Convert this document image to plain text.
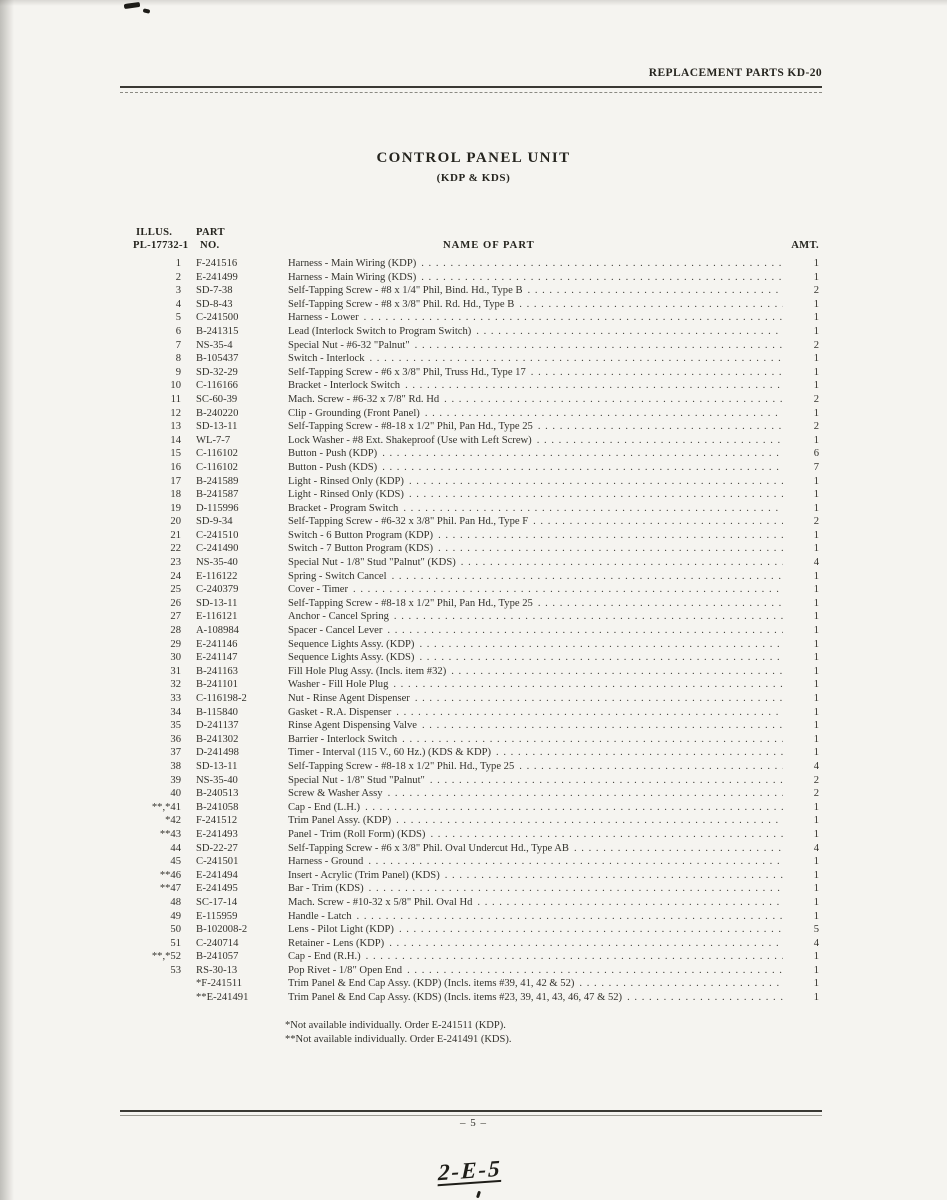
REPLACEMENT PARTS KD-20
CONTROL PANEL UNIT
(KDP & KDS)
ILLUS.
PL-17732-1
PART
NO.
	NAME OF PART
	AMT.
1 F-241516	Harness - Main Wiring (KDP) . . .	1
2 E-241499	Harness - Main Wiring (KDS) . . .	1
3 SD-7-38	Self-Tapping Screw - #8 x 1/4" Phil, Bind. Hd., Type B . . .	2
4 SD-8-43	Self-Tapping Screw - #8 x 3/8" Phil. Rd. Hd., Type B . . .	1
5 C-241500	Harness - Lower . . .	1
6 B-241315	Lead (Interlock Switch to Program Switch) . . .	1
7 NS-35-4	Special Nut - #6-32 "Palnut" . . .	2
8 B-105437	Switch - Interlock . . .	1
9 SD-32-29	Self-Tapping Screw - #6 x 3/8" Phil, Truss Hd., Type 17 . . .	1
10 C-116166	Bracket - Interlock Switch . . .	1
11 SC-60-39	Mach. Screw - #6-32 x 7/8" Rd. Hd . . .	2
12 B-240220	Clip - Grounding (Front Panel) . . .	1
13 SD-13-11	Self-Tapping Screw - #8-18 x 1/2" Phil, Pan Hd., Type 25 . . .	2
14 WL-7-7	Lock Washer - #8 Ext. Shakeproof (Use with Left Screw) . . .	1
15 C-116102	Button - Push (KDP) . . .	6
16 C-116102	Button - Push (KDS) . . .	7
17 B-241589	Light - Rinsed Only (KDP) . . .	1
18 B-241587	Light - Rinsed Only (KDS) . . .	1
19 D-115996	Bracket - Program Switch . . .	1
20 SD-9-34	Self-Tapping Screw - #6-32 x 3/8" Phil. Pan Hd., Type F . . .	2
21 C-241510	Switch - 6 Button Program (KDP) . . .	1
22 C-241490	Switch - 7 Button Program (KDS) . . .	1
23 NS-35-40	Special Nut - 1/8" Stud "Palnut" (KDS) . . .	4
24 E-116122	Spring - Switch Cancel . . .	1
25 C-240379	Cover - Timer . . .	1
26 SD-13-11	Self-Tapping Screw - #8-18 x 1/2" Phil, Pan Hd., Type 25 . . .	1
27 E-116121	Anchor - Cancel Spring . . .	1
28 A-108984	Spacer - Cancel Lever . . .	1
29 E-241146	Sequence Lights Assy. (KDP) . . .	1
30 E-241147	Sequence Lights Assy. (KDS) . . .	1
31 B-241163	Fill Hole Plug Assy. (Incls. item #32) . . .	1
32 B-241101	Washer - Fill Hole Plug . . .	1
33 C-116198-2	Nut - Rinse Agent Dispenser . . .	1
34 B-115840	Gasket - R.A. Dispenser . . .	1
35 D-241137	Rinse Agent Dispensing Valve . . .	1
36 B-241302	Barrier - Interlock Switch . . .	1
37 D-241498	Timer - Interval (115 V., 60 Hz.) (KDS & KDP) . . .	1
38 SD-13-11	Self-Tapping Screw - #8-18 x 1/2" Phil. Hd., Type 25 . . .	4
39 NS-35-40	Special Nut - 1/8" Stud "Palnut" . . .	2
40 B-240513	Screw & Washer Assy . . .	2
**,*41 B-241058	Cap - End (L.H.) . . .	1
*42 F-241512	Trim Panel Assy. (KDP) . . .	1
**43 E-241493	Panel - Trim (Roll Form) (KDS) . . .	1
44 SD-22-27	Self-Tapping Screw - #6 x 3/8" Phil. Oval Undercut Hd., Type AB . . .	4
45 C-241501	Harness - Ground . . .	1
**46 E-241494	Insert - Acrylic (Trim Panel) (KDS) . . .	1
**47 E-241495	Bar - Trim (KDS) . . .	1
48 SC-17-14	Mach. Screw - #10-32 x 5/8" Phil. Oval Hd . . .	1
49 E-115959	Handle - Latch . . .	1
50 B-102008-2	Lens - Pilot Light (KDP) . . .	5
51 C-240714	Retainer - Lens (KDP) . . .	4
**,*52 B-241057	Cap - End (R.H.) . . .	1
53 RS-30-13	Pop Rivet - 1/8" Open End . . .	1
*F-241511	Trim Panel & End Cap Assy. (KDP) (Incls. items #39, 41, 42 & 52) . . .	1
**E-241491	Trim Panel & End Cap Assy. (KDS) (Incls. items #23, 39, 41, 43, 46, 47 & 52) . . .	1
*Not available individually. Order E-241511 (KDP).
**Not available individually. Order E-241491 (KDS).
– 5 –
2-E-5
